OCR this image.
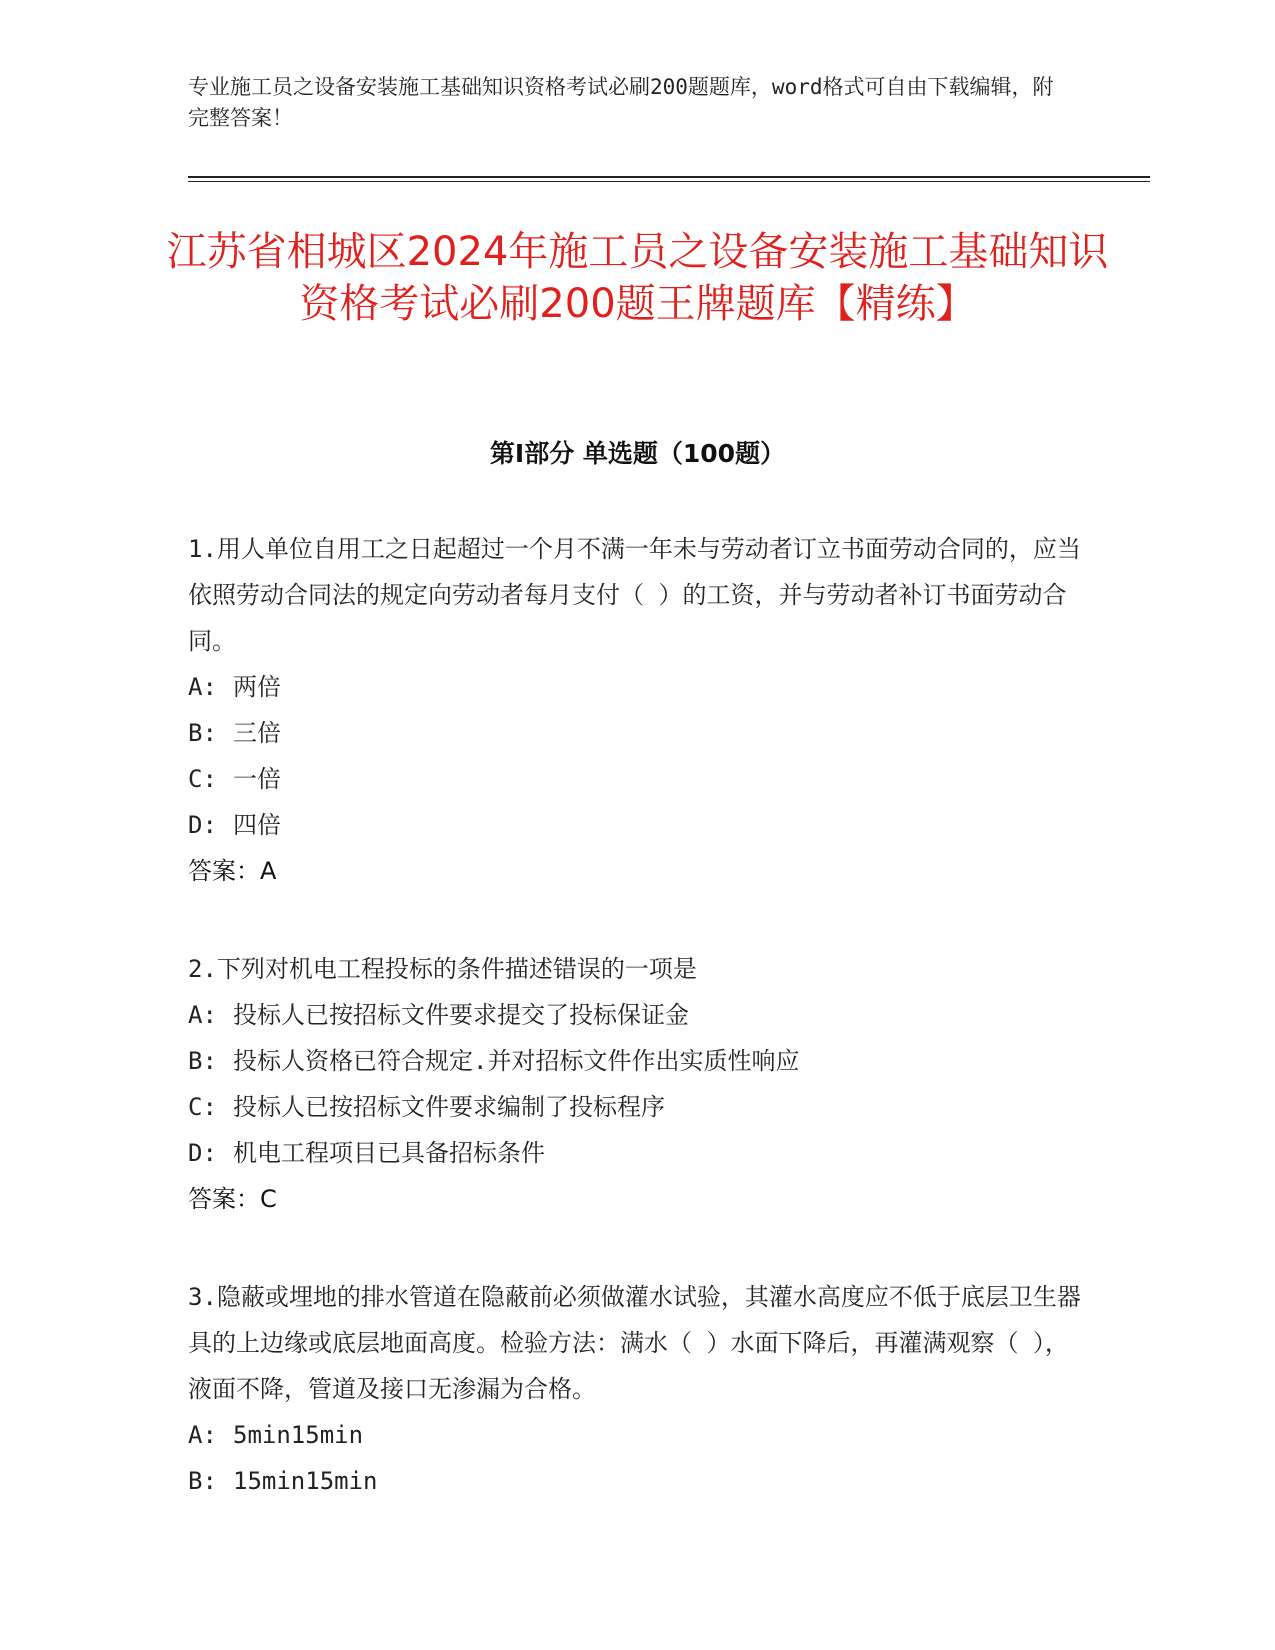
专业施工员之设备安装施工基础知识资格考试必刷200题题库，word格式可自由下载编辑，附完整答案！
江苏省相城区2024年施工员之设备安装施工基础知识资格考试必刷200题王牌题库【精练】
第Ⅰ部分 单选题（100题）

1.用人单位自用工之日起超过一个月不满一年未与劳动者订立书面劳动合同的，应当依照劳动合同法的规定向劳动者每月支付（ ）的工资，并与劳动者补订书面劳动合同。

A: 两倍

B: 三倍

C: 一倍

D: 四倍

答案：A

2.下列对机电工程投标的条件描述错误的一项是

A: 投标人已按招标文件要求提交了投标保证金

B: 投标人资格已符合规定.并对招标文件作出实质性响应

C: 投标人已按招标文件要求编制了投标程序

D: 机电工程项目已具备招标条件

答案：C

3.隐蔽或埋地的排水管道在隐蔽前必须做灌水试验，其灌水高度应不低于底层卫生器具的上边缘或底层地面高度。检验方法：满水（ ）水面下降后，再灌满观察（ ），液面不降，管道及接口无渗漏为合格。

A: 5min15min

B: 15min15min
